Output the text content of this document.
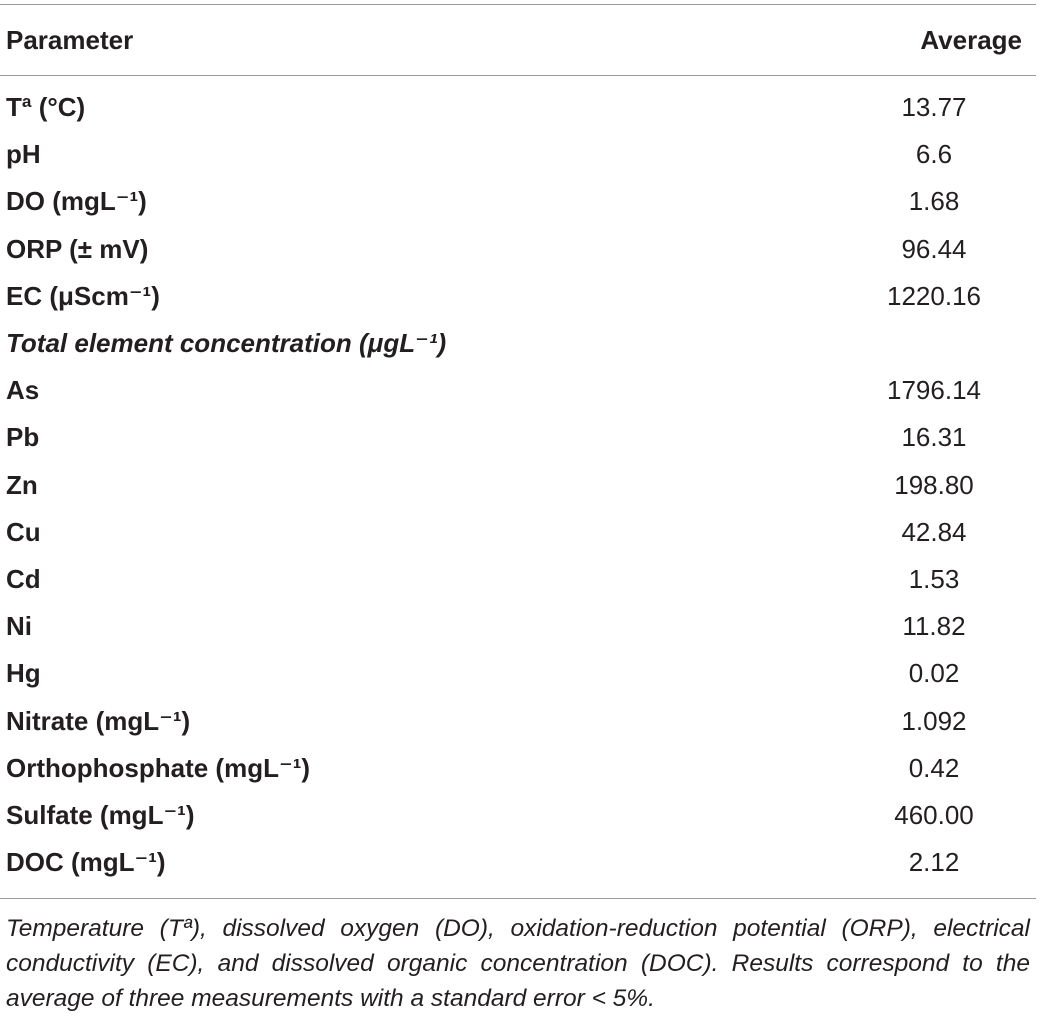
Parameter	Average
Tª (°C)	13.77
pH	6.6
DO (mgL⁻¹)	1.68
ORP (± mV)	96.44
EC (μScm⁻¹)	1220.16
Total element concentration (μgL⁻¹)
As	1796.14
Pb	16.31
Zn	198.80
Cu	42.84
Cd	1.53
Ni	11.82
Hg	0.02
Nitrate (mgL⁻¹)	1.092
Orthophosphate (mgL⁻¹)	0.42
Sulfate (mgL⁻¹)	460.00
DOC (mgL⁻¹)	2.12
Temperature (Tª), dissolved oxygen (DO), oxidation-reduction potential (ORP), electrical conductivity (EC), and dissolved organic concentration (DOC). Results correspond to the average of three measurements with a standard error < 5%.
